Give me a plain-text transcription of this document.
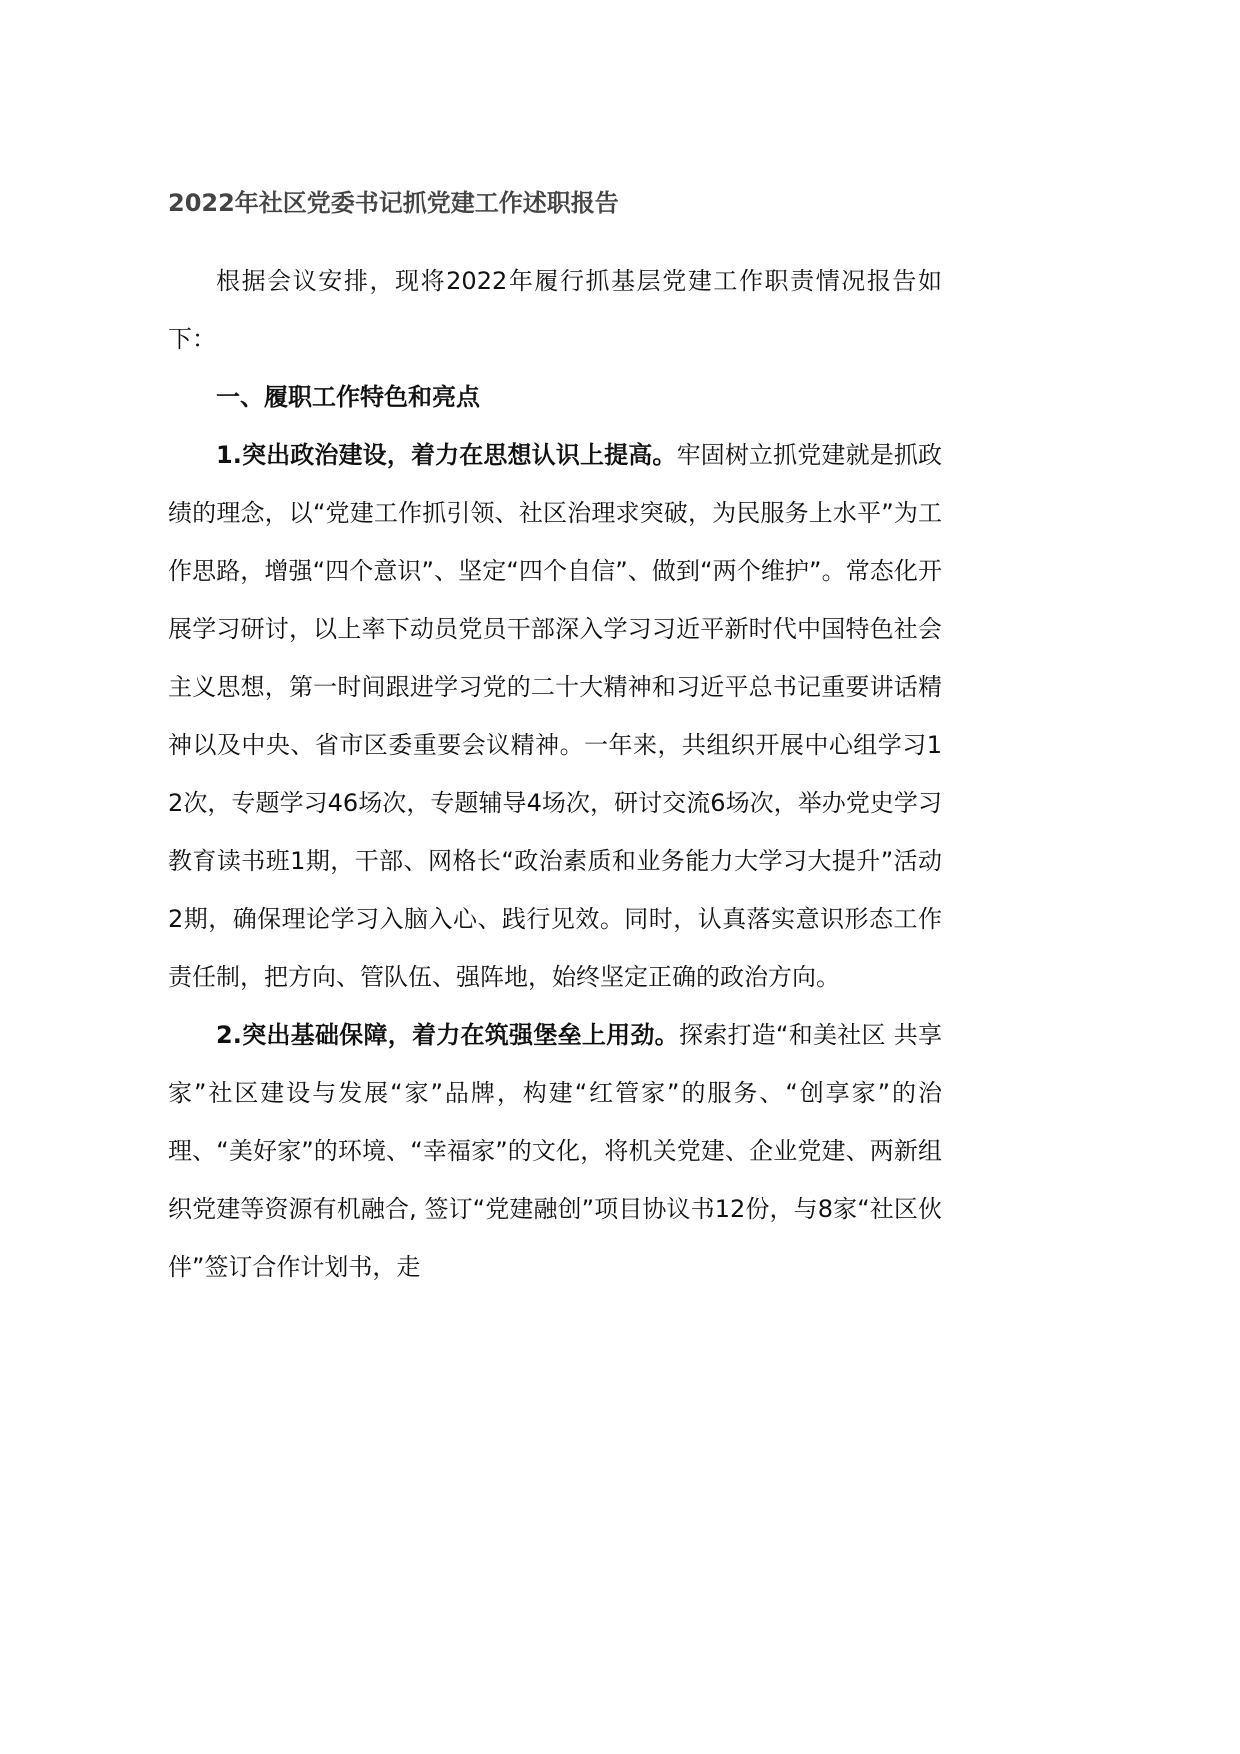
2022年社区党委书记抓党建工作述职报告

根据会议安排，现将2022年履行抓基层党建工作职责情况报告如下：

一、履职工作特色和亮点

1.突出政治建设，着力在思想认识上提高。牢固树立抓党建就是抓政绩的理念，以“党建工作抓引领、社区治理求突破，为民服务上水平”为工作思路，增强“四个意识”、坚定“四个自信”、做到“两个维护”。常态化开展学习研讨，以上率下动员党员干部深入学习习近平新时代中国特色社会主义思想，第一时间跟进学习党的二十大精神和习近平总书记重要讲话精神以及中央、省市区委重要会议精神。一年来，共组织开展中心组学习12次，专题学习46场次，专题辅导4场次，研讨交流6场次，举办党史学习教育读书班1期，干部、网格长“政治素质和业务能力大学习大提升”活动2期，确保理论学习入脑入心、践行见效。同时，认真落实意识形态工作责任制，把方向、管队伍、强阵地，始终坚定正确的政治方向。

2.突出基础保障，着力在筑强堡垒上用劲。探索打造“和美社区 共享家”社区建设与发展“家”品牌，构建“红管家”的服务、“创享家”的治理、“美好家”的环境、“幸福家”的文化，将机关党建、企业党建、两新组织党建等资源有机融合, 签订“党建融创”项目协议书12份，与8家“社区伙伴”签订合作计划书，走
